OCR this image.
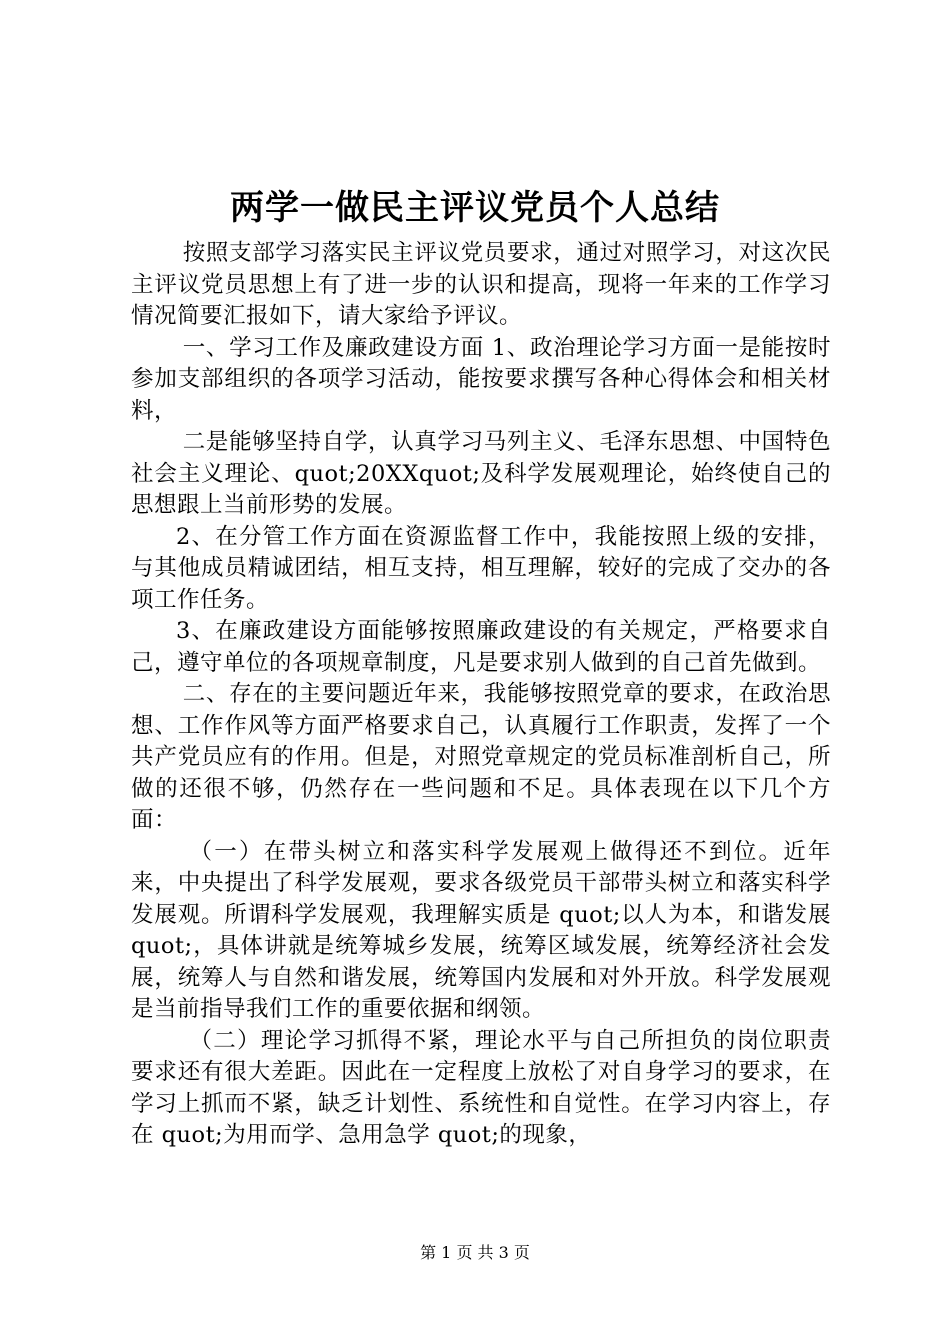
两学一做民主评议党员个人总结

按照支部学习落实民主评议党员要求，通过对照学习，对这次民主评议党员思想上有了进一步的认识和提高，现将一年来的工作学习情况简要汇报如下，请大家给予评议。

一、学习工作及廉政建设方面 1、政治理论学习方面一是能按时参加支部组织的各项学习活动，能按要求撰写各种心得体会和相关材料，

二是能够坚持自学，认真学习马列主义、毛泽东思想、中国特色社会主义理论、quot;20XXquot;及科学发展观理论，始终使自己的思想跟上当前形势的发展。

2、在分管工作方面在资源监督工作中，我能按照上级的安排，与其他成员精诚团结，相互支持，相互理解，较好的完成了交办的各项工作任务。

3、在廉政建设方面能够按照廉政建设的有关规定，严格要求自己，遵守单位的各项规章制度，凡是要求别人做到的自己首先做到。

二、存在的主要问题近年来，我能够按照党章的要求，在政治思想、工作作风等方面严格要求自己，认真履行工作职责，发挥了一个共产党员应有的作用。但是，对照党章规定的党员标准剖析自己，所做的还很不够，仍然存在一些问题和不足。具体表现在以下几个方面：

（一）在带头树立和落实科学发展观上做得还不到位。近年来，中央提出了科学发展观，要求各级党员干部带头树立和落实科学发展观。所谓科学发展观，我理解实质是 quot;以人为本，和谐发展 quot;，具体讲就是统筹城乡发展，统筹区域发展，统筹经济社会发展，统筹人与自然和谐发展，统筹国内发展和对外开放。科学发展观是当前指导我们工作的重要依据和纲领。

（二）理论学习抓得不紧，理论水平与自己所担负的岗位职责要求还有很大差距。因此在一定程度上放松了对自身学习的要求，在学习上抓而不紧，缺乏计划性、系统性和自觉性。在学习内容上，存在 quot;为用而学、急用急学 quot;的现象，

第 1 页 共 3 页
